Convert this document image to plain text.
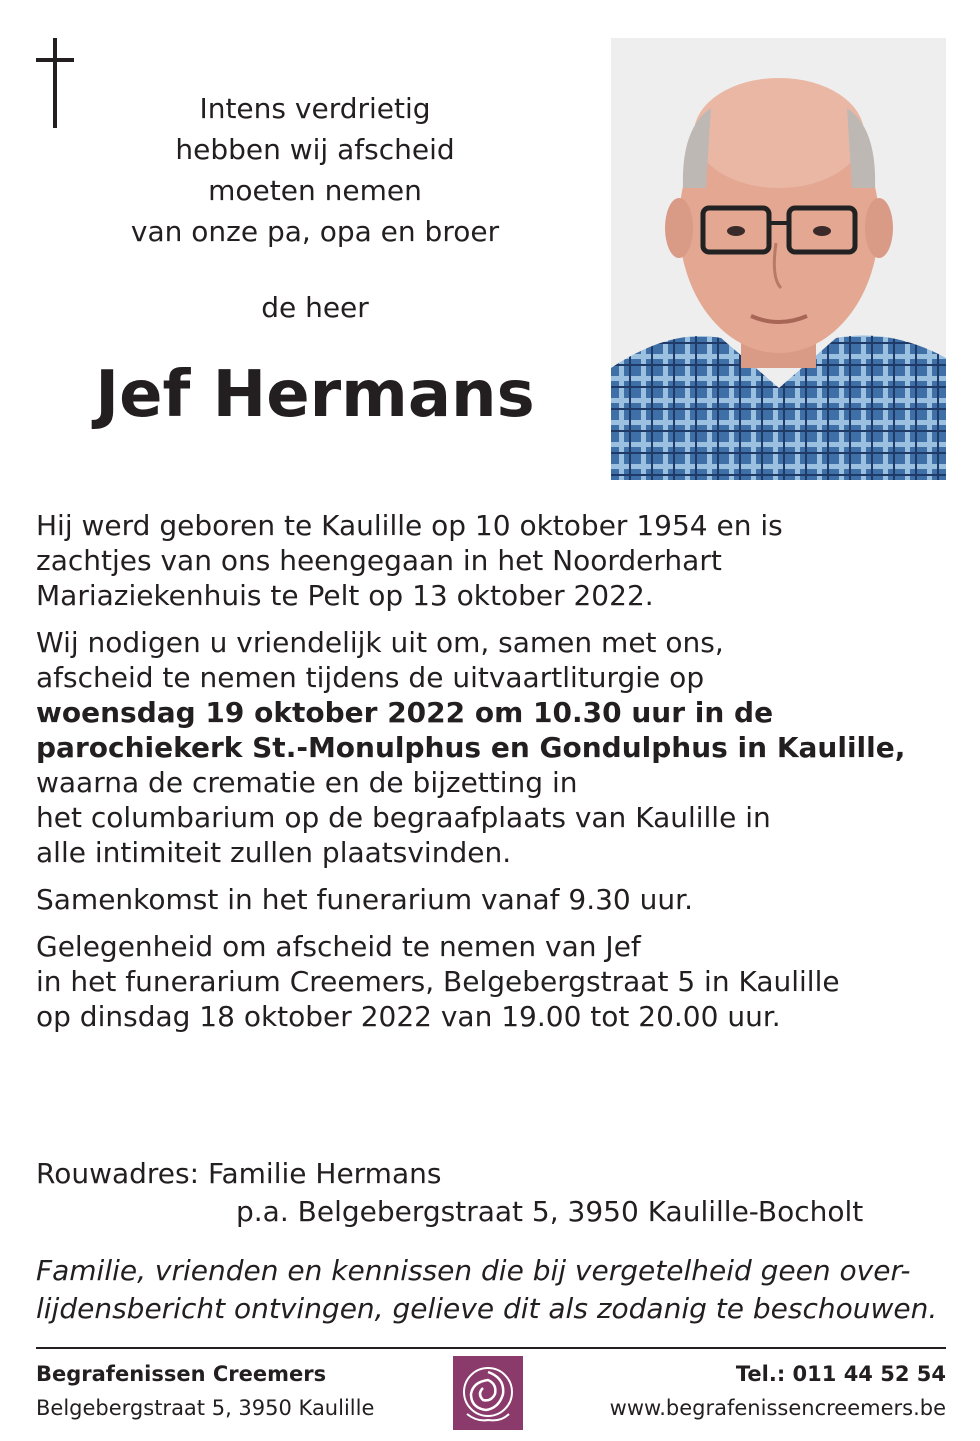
Intens verdrietig
hebben wij afscheid
moeten nemen
van onze pa, opa en broer
de heer
Jef Hermans

Hij werd geboren te Kaulille op 10 oktober 1954 en is
zachtjes van ons heengegaan in het Noorderhart
Mariaziekenhuis te Pelt op 13 oktober 2022.

Wij nodigen u vriendelijk uit om, samen met ons,
afscheid te nemen tijdens de uitvaartliturgie op
woensdag 19 oktober 2022 om 10.30 uur in de
parochiekerk St.-Monulphus en Gondulphus in Kaulille,
waarna de crematie en de bijzetting in
het columbarium op de begraafplaats van Kaulille in
alle intimiteit zullen plaatsvinden.

Samenkomst in het funerarium vanaf 9.30 uur.

Gelegenheid om afscheid te nemen van Jef
in het funerarium Creemers, Belgebergstraat 5 in Kaulille
op dinsdag 18 oktober 2022 van 19.00 tot 20.00 uur.

Rouwadres: Familie Hermans
p.a. Belgebergstraat 5, 3950 Kaulille-Bocholt
Familie, vrienden en kennissen die bij vergetelheid geen over-
lijdensbericht ontvingen, gelieve dit als zodanig te beschouwen.
Begrafenissen Creemers
Belgebergstraat 5, 3950 Kaulille
Tel.: 011 44 52 54
www.begrafenissencreemers.be
